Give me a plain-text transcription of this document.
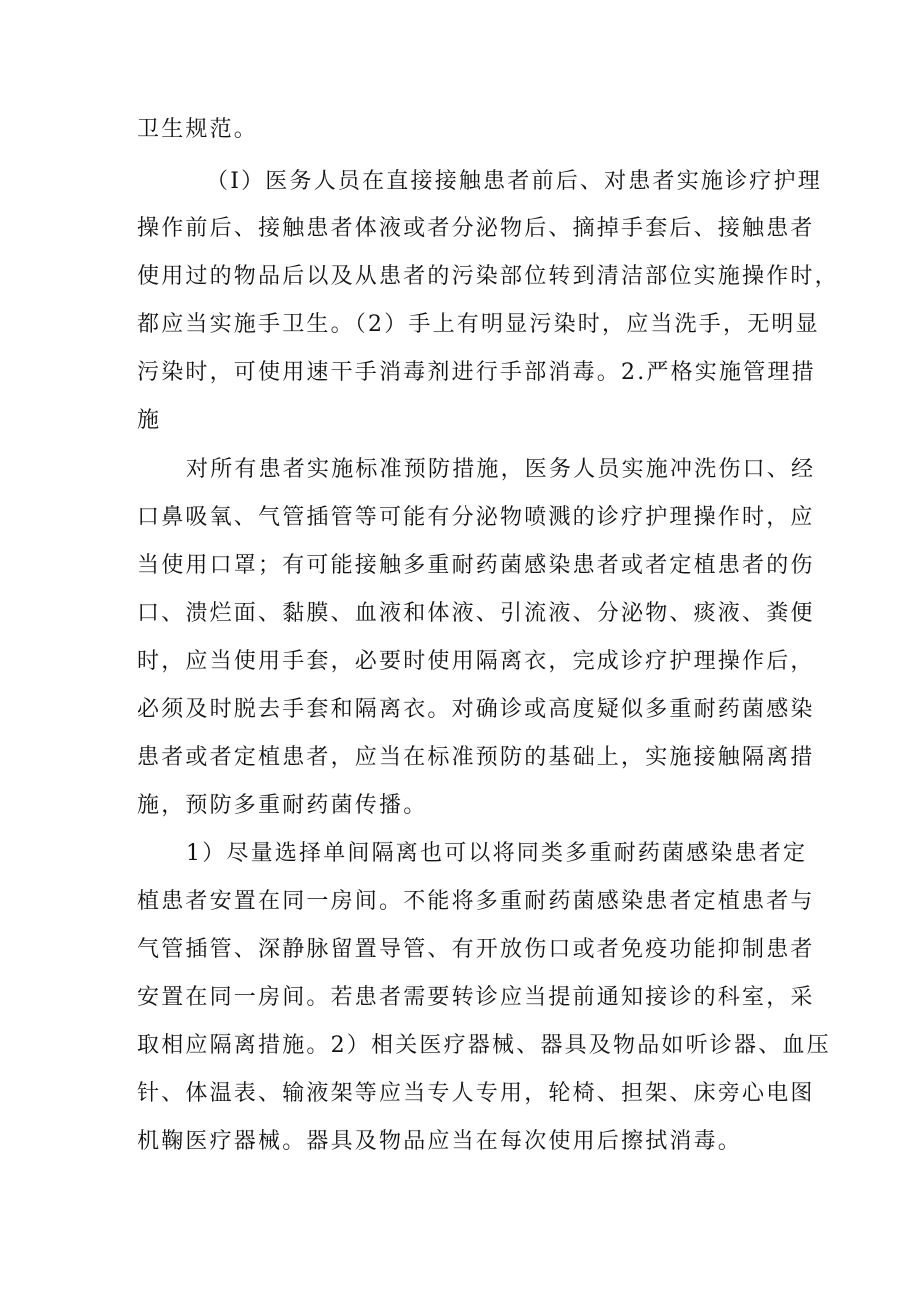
卫生规范。
（I）医务人员在直接接触患者前后、对患者实施诊疗护理
操作前后、接触患者体液或者分泌物后、摘掉手套后、接触患者
使用过的物品后以及从患者的污染部位转到清洁部位实施操作时，
都应当实施手卫生。（2）手上有明显污染时，应当洗手，无明显
污染时，可使用速干手消毒剂进行手部消毒。2.严格实施管理措
施
对所有患者实施标准预防措施，医务人员实施冲洗伤口、经
口鼻吸氧、气管插管等可能有分泌物喷溅的诊疗护理操作时，应
当使用口罩；有可能接触多重耐药菌感染患者或者定植患者的伤
口、溃烂面、黏膜、血液和体液、引流液、分泌物、痰液、粪便
时，应当使用手套，必要时使用隔离衣，完成诊疗护理操作后，
必须及时脱去手套和隔离衣。对确诊或高度疑似多重耐药菌感染
患者或者定植患者，应当在标准预防的基础上，实施接触隔离措
施，预防多重耐药菌传播。
1）尽量选择单间隔离也可以将同类多重耐药菌感染患者定
植患者安置在同一房间。不能将多重耐药菌感染患者定植患者与
气管插管、深静脉留置导管、有开放伤口或者免疫功能抑制患者
安置在同一房间。若患者需要转诊应当提前通知接诊的科室，采
取相应隔离措施。2）相关医疗器械、器具及物品如听诊器、血压
针、体温表、输液架等应当专人专用，轮椅、担架、床旁心电图
机鞠医疗器械。器具及物品应当在每次使用后擦拭消毒。
